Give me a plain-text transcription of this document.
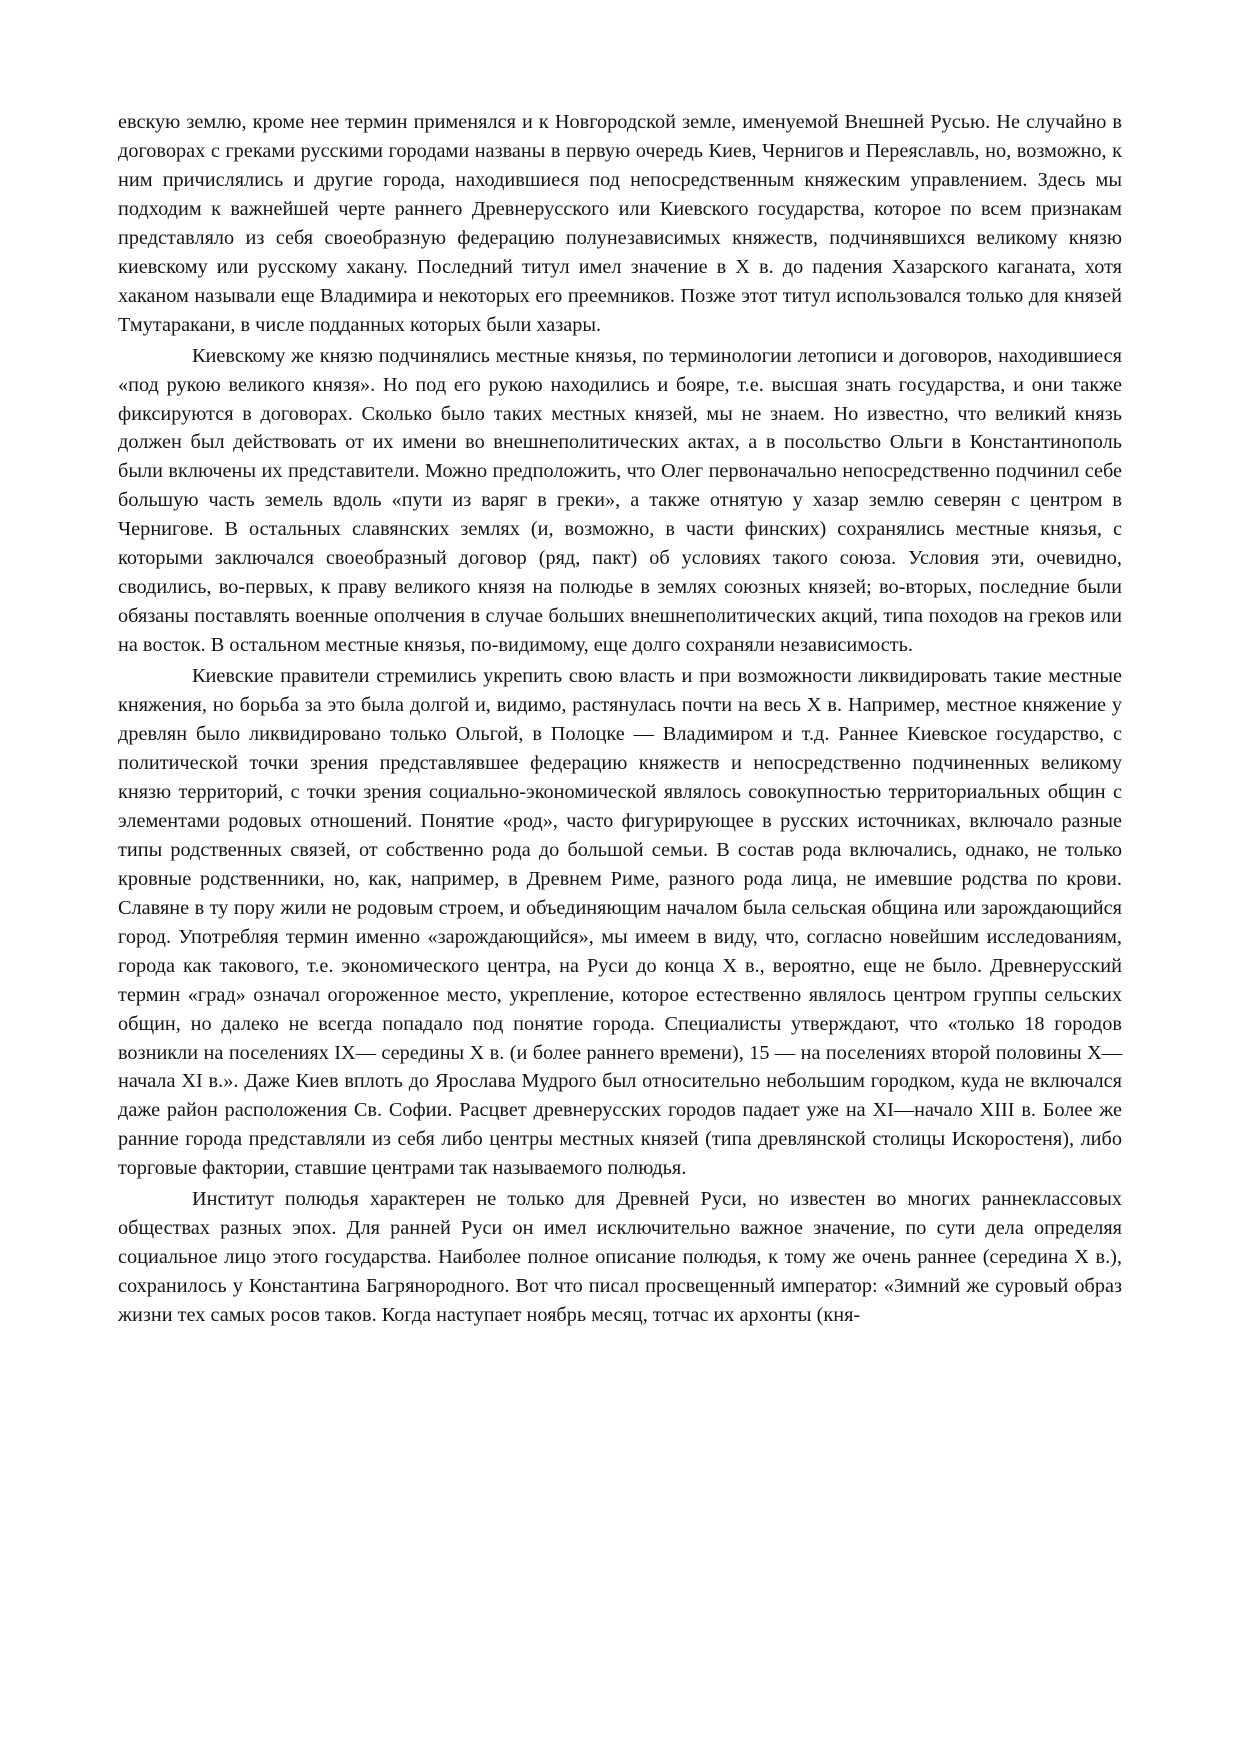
евскую землю, кроме нее термин применялся и к Новгородской земле, именуемой Внешней Русью. Не случайно в договорах с греками русскими городами названы в первую очередь Киев, Чернигов и Переяславль, но, возможно, к ним причислялись и другие города, находившиеся под непосредственным княжеским управлением. Здесь мы подходим к важнейшей черте раннего Древнерусского или Киевского государства, которое по всем признакам представляло из себя своеобразную федерацию полунезависимых княжеств, подчинявшихся великому князю киевскому или русскому хакану. Последний титул имел значение в X в. до падения Хазарского каганата, хотя хаканом называли еще Владимира и некоторых его преемников. Позже этот титул использовался только для князей Тмутаракани, в числе подданных которых были хазары.

Киевскому же князю подчинялись местные князья, по терминологии летописи и договоров, находившиеся «под рукою великого князя». Но под его рукою находились и бояре, т.е. высшая знать государства, и они также фиксируются в договорах. Сколько было таких местных князей, мы не знаем. Но известно, что великий князь должен был действовать от их имени во внешнеполитических актах, а в посольство Ольги в Константинополь были включены их представители. Можно предположить, что Олег первоначально непосредственно подчинил себе большую часть земель вдоль «пути из варяг в греки», а также отнятую у хазар землю северян с центром в Чернигове. В остальных славянских землях (и, возможно, в части финских) сохранялись местные князья, с которыми заключался своеобразный договор (ряд, пакт) об условиях такого союза. Условия эти, очевидно, сводились, во-первых, к праву великого князя на полюдье в землях союзных князей; во-вторых, последние были обязаны поставлять военные ополчения в случае больших внешнеполитических акций, типа походов на греков или на восток. В остальном местные князья, по-видимому, еще долго сохраняли независимость.

Киевские правители стремились укрепить свою власть и при возможности ликвидировать такие местные княжения, но борьба за это была долгой и, видимо, растянулась почти на весь X в. Например, местное княжение у древлян было ликвидировано только Ольгой, в Полоцке — Владимиром и т.д. Раннее Киевское государство, с политической точки зрения представлявшее федерацию княжеств и непосредственно подчиненных великому князю территорий, с точки зрения социально-экономической являлось совокупностью территориальных общин с элементами родовых отношений. Понятие «род», часто фигурирующее в русских источниках, включало разные типы родственных связей, от собственно рода до большой семьи. В состав рода включались, однако, не только кровные родственники, но, как, например, в Древнем Риме, разного рода лица, не имевшие родства по крови. Славяне в ту пору жили не родовым строем, и объединяющим началом была сельская община или зарождающийся город. Употребляя термин именно «зарождающийся», мы имеем в виду, что, согласно новейшим исследованиям, города как такового, т.е. экономического центра, на Руси до конца X в., вероятно, еще не было. Древнерусский термин «град» означал огороженное место, укрепление, которое естественно являлось центром группы сельских общин, но далеко не всегда попадало под понятие города. Специалисты утверждают, что «только 18 городов возникли на поселениях IX— середины X в. (и более раннего времени), 15 — на поселениях второй половины X—начала XI в.». Даже Киев вплоть до Ярослава Мудрого был относительно небольшим городком, куда не включался даже район расположения Св. Софии. Расцвет древнерусских городов падает уже на XI—начало XIII в. Более же ранние города представляли из себя либо центры местных князей (типа древлянской столицы Искоростеня), либо торговые фактории, ставшие центрами так называемого полюдья.

Институт полюдья характерен не только для Древней Руси, но известен во многих раннеклассовых обществах разных эпох. Для ранней Руси он имел исключительно важное значение, по сути дела определяя социальное лицо этого государства. Наиболее полное описание полюдья, к тому же очень раннее (середина X в.), сохранилось у Константина Багрянородного. Вот что писал просвещенный император: «Зимний же суровый образ жизни тех самых росов таков. Когда наступает ноябрь месяц, тотчас их архонты (кня-
